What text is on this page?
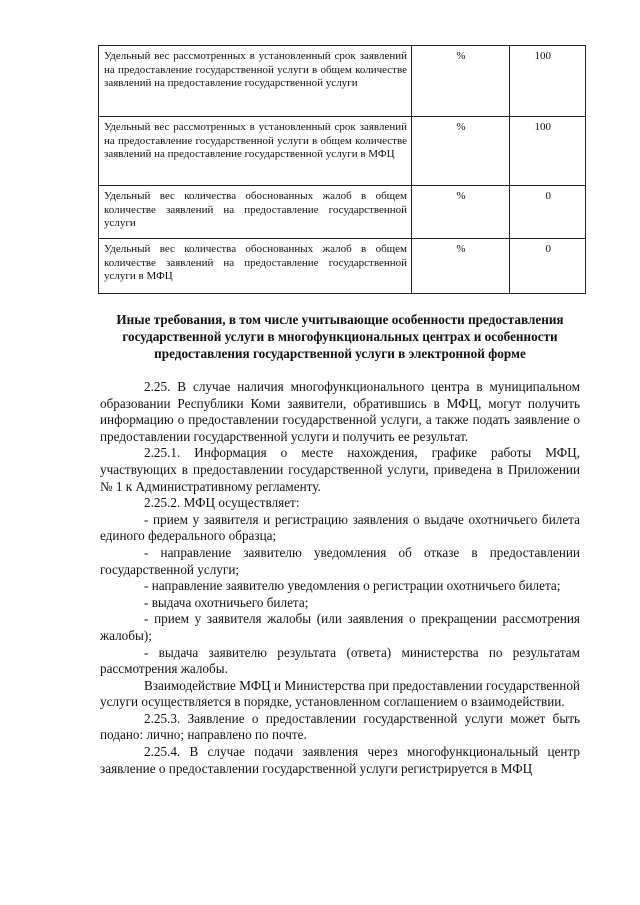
Удельный вес рассмотренных в установленный срок заявлений на предоставление государственной услуги в общем количестве заявлений на предоставление государственной услуги	%	100
Удельный вес рассмотренных в установленный срок заявлений на предоставление государственной услуги в общем количестве заявлений на предоставление государственной услуги в МФЦ	%	100
Удельный вес количества обоснованных жалоб в общем количестве заявлений на предоставление государственной услуги	%	0
Удельный вес количества обоснованных жалоб в общем количестве заявлений на предоставление государственной услуги в МФЦ	%	0
Иные требования, в том числе учитывающие особенности предоставления государственной услуги в многофункциональных центрах и особенности предоставления государственной услуги в электронной форме

2.25. В случае наличия многофункционального центра в муниципальном образовании Республики Коми заявители, обратившись в МФЦ, могут получить информацию о предоставлении государственной услуги, а также подать заявление о предоставлении государственной услуги и получить ее результат.

2.25.1. Информация о месте нахождения, графике работы МФЦ, участвующих в предоставлении государственной услуги, приведена в Приложении № 1 к Административному регламенту.

2.25.2. МФЦ осуществляет:

- прием у заявителя и регистрацию заявления о выдаче охотничьего билета единого федерального образца;

- направление заявителю уведомления об отказе в предоставлении государственной услуги;

- направление заявителю уведомления о регистрации охотничьего билета;

- выдача охотничьего билета;

- прием у заявителя жалобы (или заявления о прекращении рассмотрения жалобы);

- выдача заявителю результата (ответа) министерства по результатам рассмотрения жалобы.

Взаимодействие МФЦ и Министерства при предоставлении государственной услуги осуществляется в порядке, установленном соглашением о взаимодействии.

2.25.3. Заявление о предоставлении государственной услуги может быть подано: лично; направлено по почте.

2.25.4. В случае подачи заявления через многофункциональный центр заявление о предоставлении государственной услуги регистрируется в МФЦ
